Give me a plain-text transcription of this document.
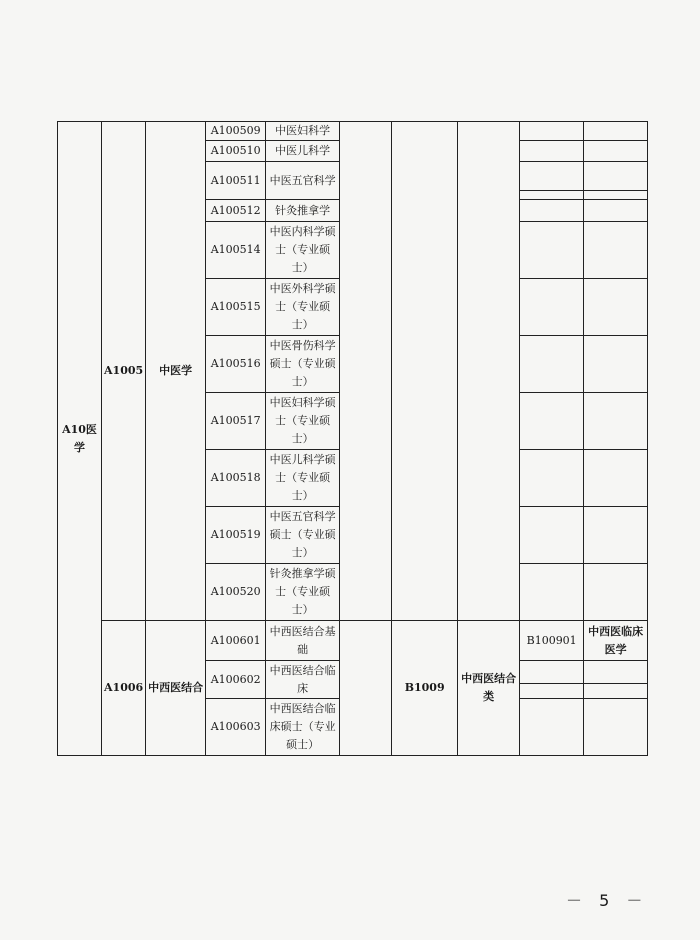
A10医学	A1005	中医学	A100509	中医妇科学					
			A100510	中医儿科学					
			A100511	中医五官科学				

			A100512	针灸推拿学					
			A100514	中医内科学硕士（专业硕士）					
			A100515	中医外科学硕士（专业硕士）					
			A100516	中医骨伤科学硕士（专业硕士）					
			A100517	中医妇科学硕士（专业硕士）					
			A100518	中医儿科学硕士（专业硕士）					
			A100519	中医五官科学硕士（专业硕士）					
			A100520	针灸推拿学硕士（专业硕士）					
	A1006	中西医结合	A100601	中西医结合基础		B1009	中西医结合类	B100901	中西医临床医学
			A100602	中西医结合临床				

			A100603	中西医结合临床硕士（专业硕士）					
－ 5 －
